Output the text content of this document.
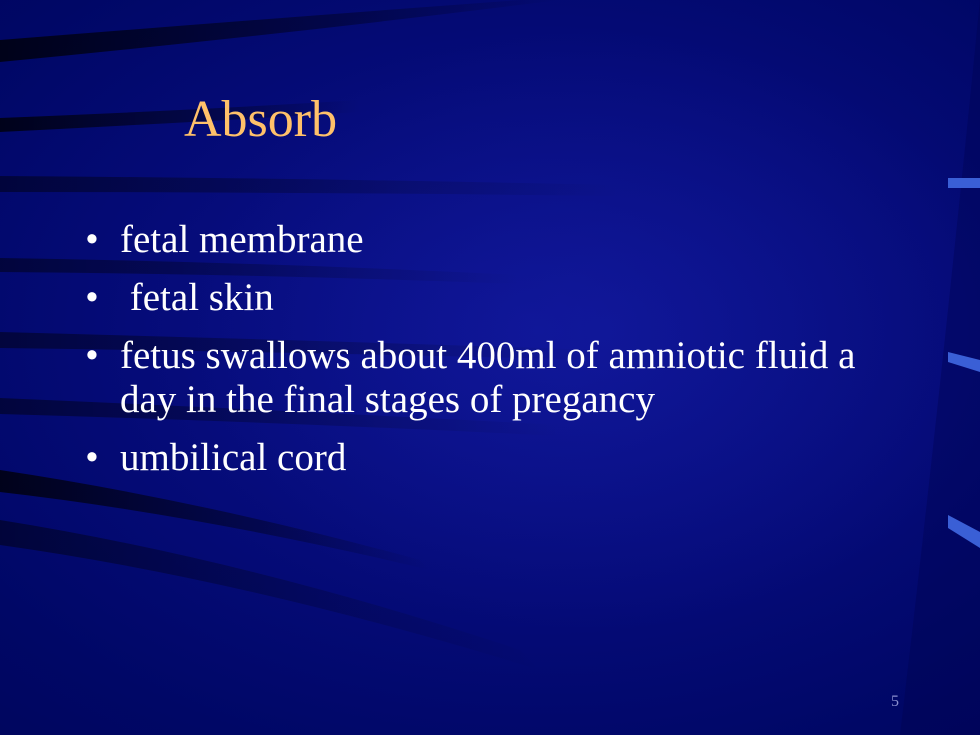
Absorb
• fetal membrane
• fetal skin
• fetus swallows about 400ml of amniotic fluid a day in the final stages of pregancy
• umbilical cord
5
